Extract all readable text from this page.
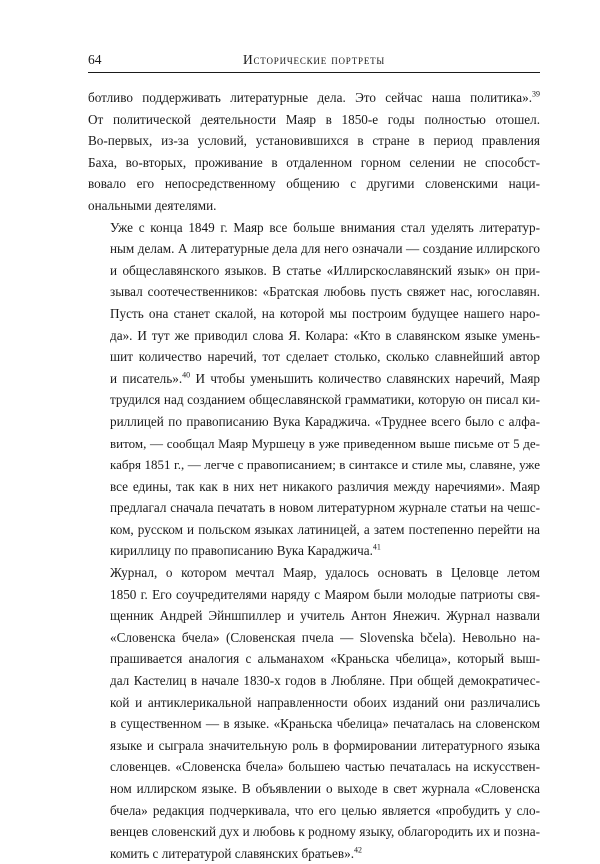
64	Исторические портреты
ботливо поддерживать литературные дела. Это сейчас наша политика».$^{39}$
От политической деятельности Маяр в 1850-е годы полностью отошел.
Во-первых, из-за условий, установившихся в стране в период правления
Баха, во-вторых, проживание в отдаленном горном селении не способст-
вовало его непосредственному общению с другими словенскими наци-
ональными деятелями.
Уже с конца 1849 г. Маяр все больше внимания стал уделять литератур-
ным делам. А литературные дела для него означали — создание иллирского
и общеславянского языков. В статье «Иллирскославянский язык» он при-
зывал соотечественников: «Братская любовь пусть свяжет нас, югославян.
Пусть она станет скалой, на которой мы построим будущее нашего наро-
да». И тут же приводил слова Я. Колара: «Кто в славянском языке умень-
шит количество наречий, тот сделает столько, сколько славнейший автор
и писатель».$^{40}$ И чтобы уменьшить количество славянских наречий, Маяр
трудился над созданием общеславянской грамматики, которую он писал ки-
риллицей по правописанию Вука Караджича. «Труднее всего было с алфа-
витом, — сообщал Маяр Муршецу в уже приведенном выше письме от 5 де-
кабря 1851 г., — легче с правописанием; в синтаксе и стиле мы, славяне, уже
все едины, так как в них нет никакого различия между наречиями». Маяр
предлагал сначала печатать в новом литературном журнале статьи на чешс-
ком, русском и польском языках латиницей, а затем постепенно перейти на
кириллицу по правописанию Вука Караджича.$^{41}$
Журнал, о котором мечтал Маяр, удалось основать в Целовце летом
1850 г. Его соучредителями наряду с Маяром были молодые патриоты свя-
щенник Андрей Эйншпиллер и учитель Антон Янежич. Журнал назвали
«Словенска бчела» (Словенская пчела — Slovenska bčela). Невольно на-
прашивается аналогия с альманахом «Краньска чбелица», который выш-
дал Кастелиц в начале 1830-х годов в Любляне. При общей демократичес-
кой и антиклерикальной направленности обоих изданий они различались
в существенном — в языке. «Краньска чбелица» печаталась на словенском
языке и сыграла значительную роль в формировании литературного языка
словенцев. «Словенска бчела» большею частью печаталась на искусствен-
ном иллирском языке. В объявлении о выходе в свет журнала «Словенска
бчела» редакция подчеркивала, что его целью является «пробудить у сло-
венцев словенский дух и любовь к родному языку, облагородить их и позна-
комить с литературой славянских братьев».$^{42}$
